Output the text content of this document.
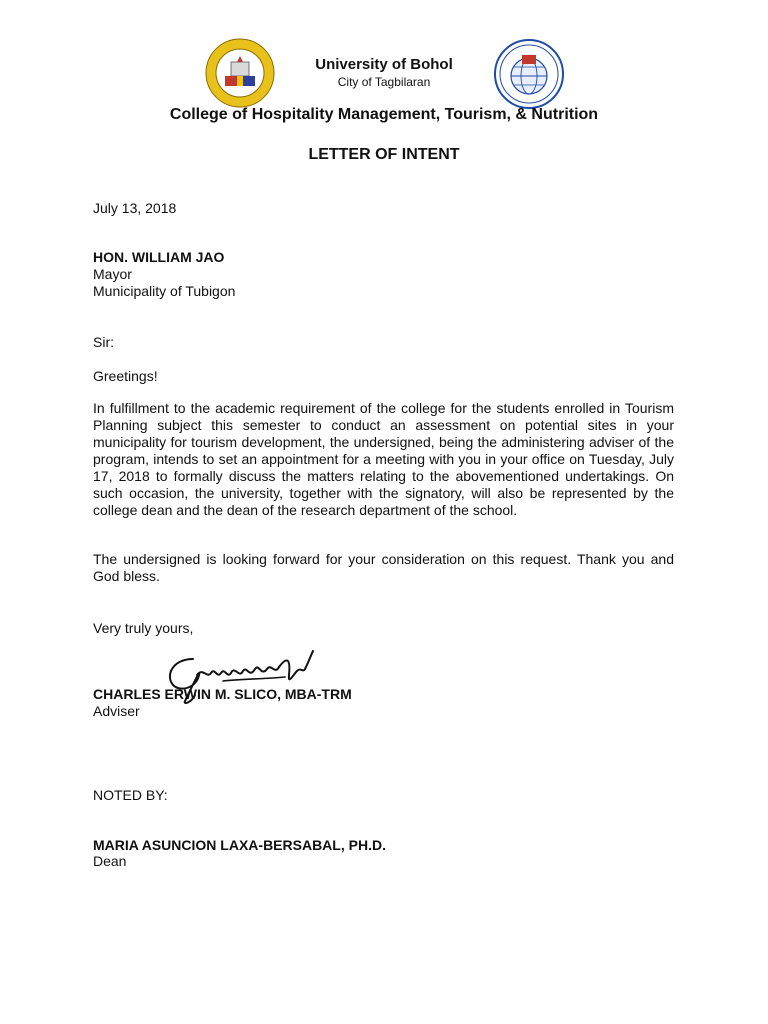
University of Bohol
City of Tagbilaran
College of Hospitality Management, Tourism, & Nutrition
LETTER OF INTENT
July 13, 2018
HON. WILLIAM JAO
Mayor
Municipality of Tubigon
Sir:
Greetings!
In fulfillment to the academic requirement of the college for the students enrolled in Tourism Planning subject this semester to conduct an assessment on potential sites in your municipality for tourism development, the undersigned, being the administering adviser of the program, intends to set an appointment for a meeting with you in your office on Tuesday, July 17, 2018 to formally discuss the matters relating to the abovementioned undertakings. On such occasion, the university, together with the signatory, will also be represented by the college dean and the dean of the research department of the school.
The undersigned is looking forward for your consideration on this request. Thank you and God bless.
Very truly yours,
CHARLES ERWIN M. SLICO, MBA-TRM
Adviser
NOTED BY:
MARIA ASUNCION LAXA-BERSABAL, PH.D.
Dean
